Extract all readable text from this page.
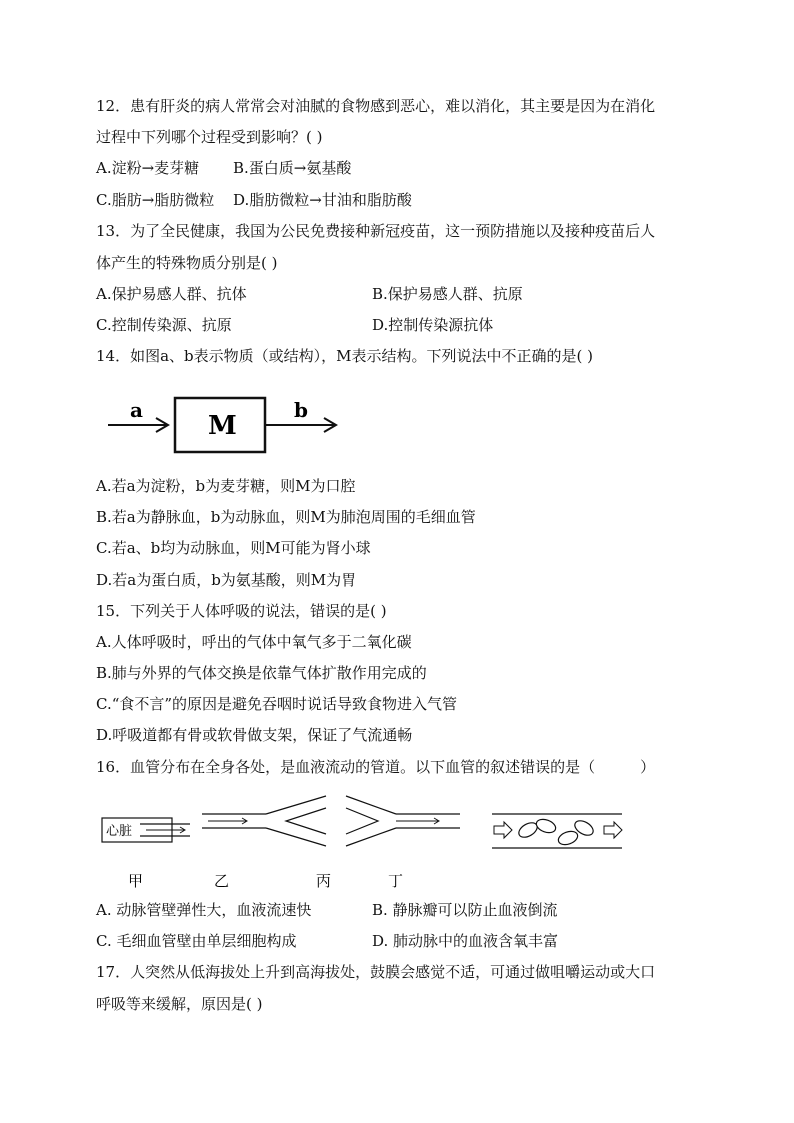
12．患有肝炎的病人常常会对油腻的食物感到恶心，难以消化，其主要是因为在消化
过程中下列哪个过程受到影响？( )
A.淀粉→麦芽糖 B.蛋白质→氨基酸
C.脂肪→脂肪微粒 D.脂肪微粒→甘油和脂肪酸
13．为了全民健康，我国为公民免费接种新冠疫苗，这一预防措施以及接种疫苗后人
体产生的特殊物质分别是( )
A.保护易感人群、抗体	B.保护易感人群、抗原
C.控制传染源、抗原	D.控制传染源抗体
14．如图a、b表示物质（或结构），M表示结构。下列说法中不正确的是( )
a
M
b
A.若a为淀粉，b为麦芽糖，则M为口腔
B.若a为静脉血，b为动脉血，则M为肺泡周围的毛细血管
C.若a、b均为动脉血，则M可能为肾小球
D.若a为蛋白质，b为氨基酸，则M为胃
15．下列关于人体呼吸的说法，错误的是( )
A.人体呼吸时，呼出的气体中氧气多于二氧化碳
B.肺与外界的气体交换是依靠气体扩散作用完成的
C.“食不言”的原因是避免吞咽时说话导致食物进入气管
D.呼吸道都有骨或软骨做支架，保证了气流通畅
16．血管分布在全身各处，是血液流动的管道。以下血管的叙述错误的是（　　　）
心脏
甲	乙	丙	丁
A. 动脉管壁弹性大，血液流速快	B. 静脉瓣可以防止血液倒流
C. 毛细血管壁由单层细胞构成	D. 肺动脉中的血液含氧丰富
17．人突然从低海拔处上升到高海拔处，鼓膜会感觉不适，可通过做咀嚼运动或大口
呼吸等来缓解，原因是( )
